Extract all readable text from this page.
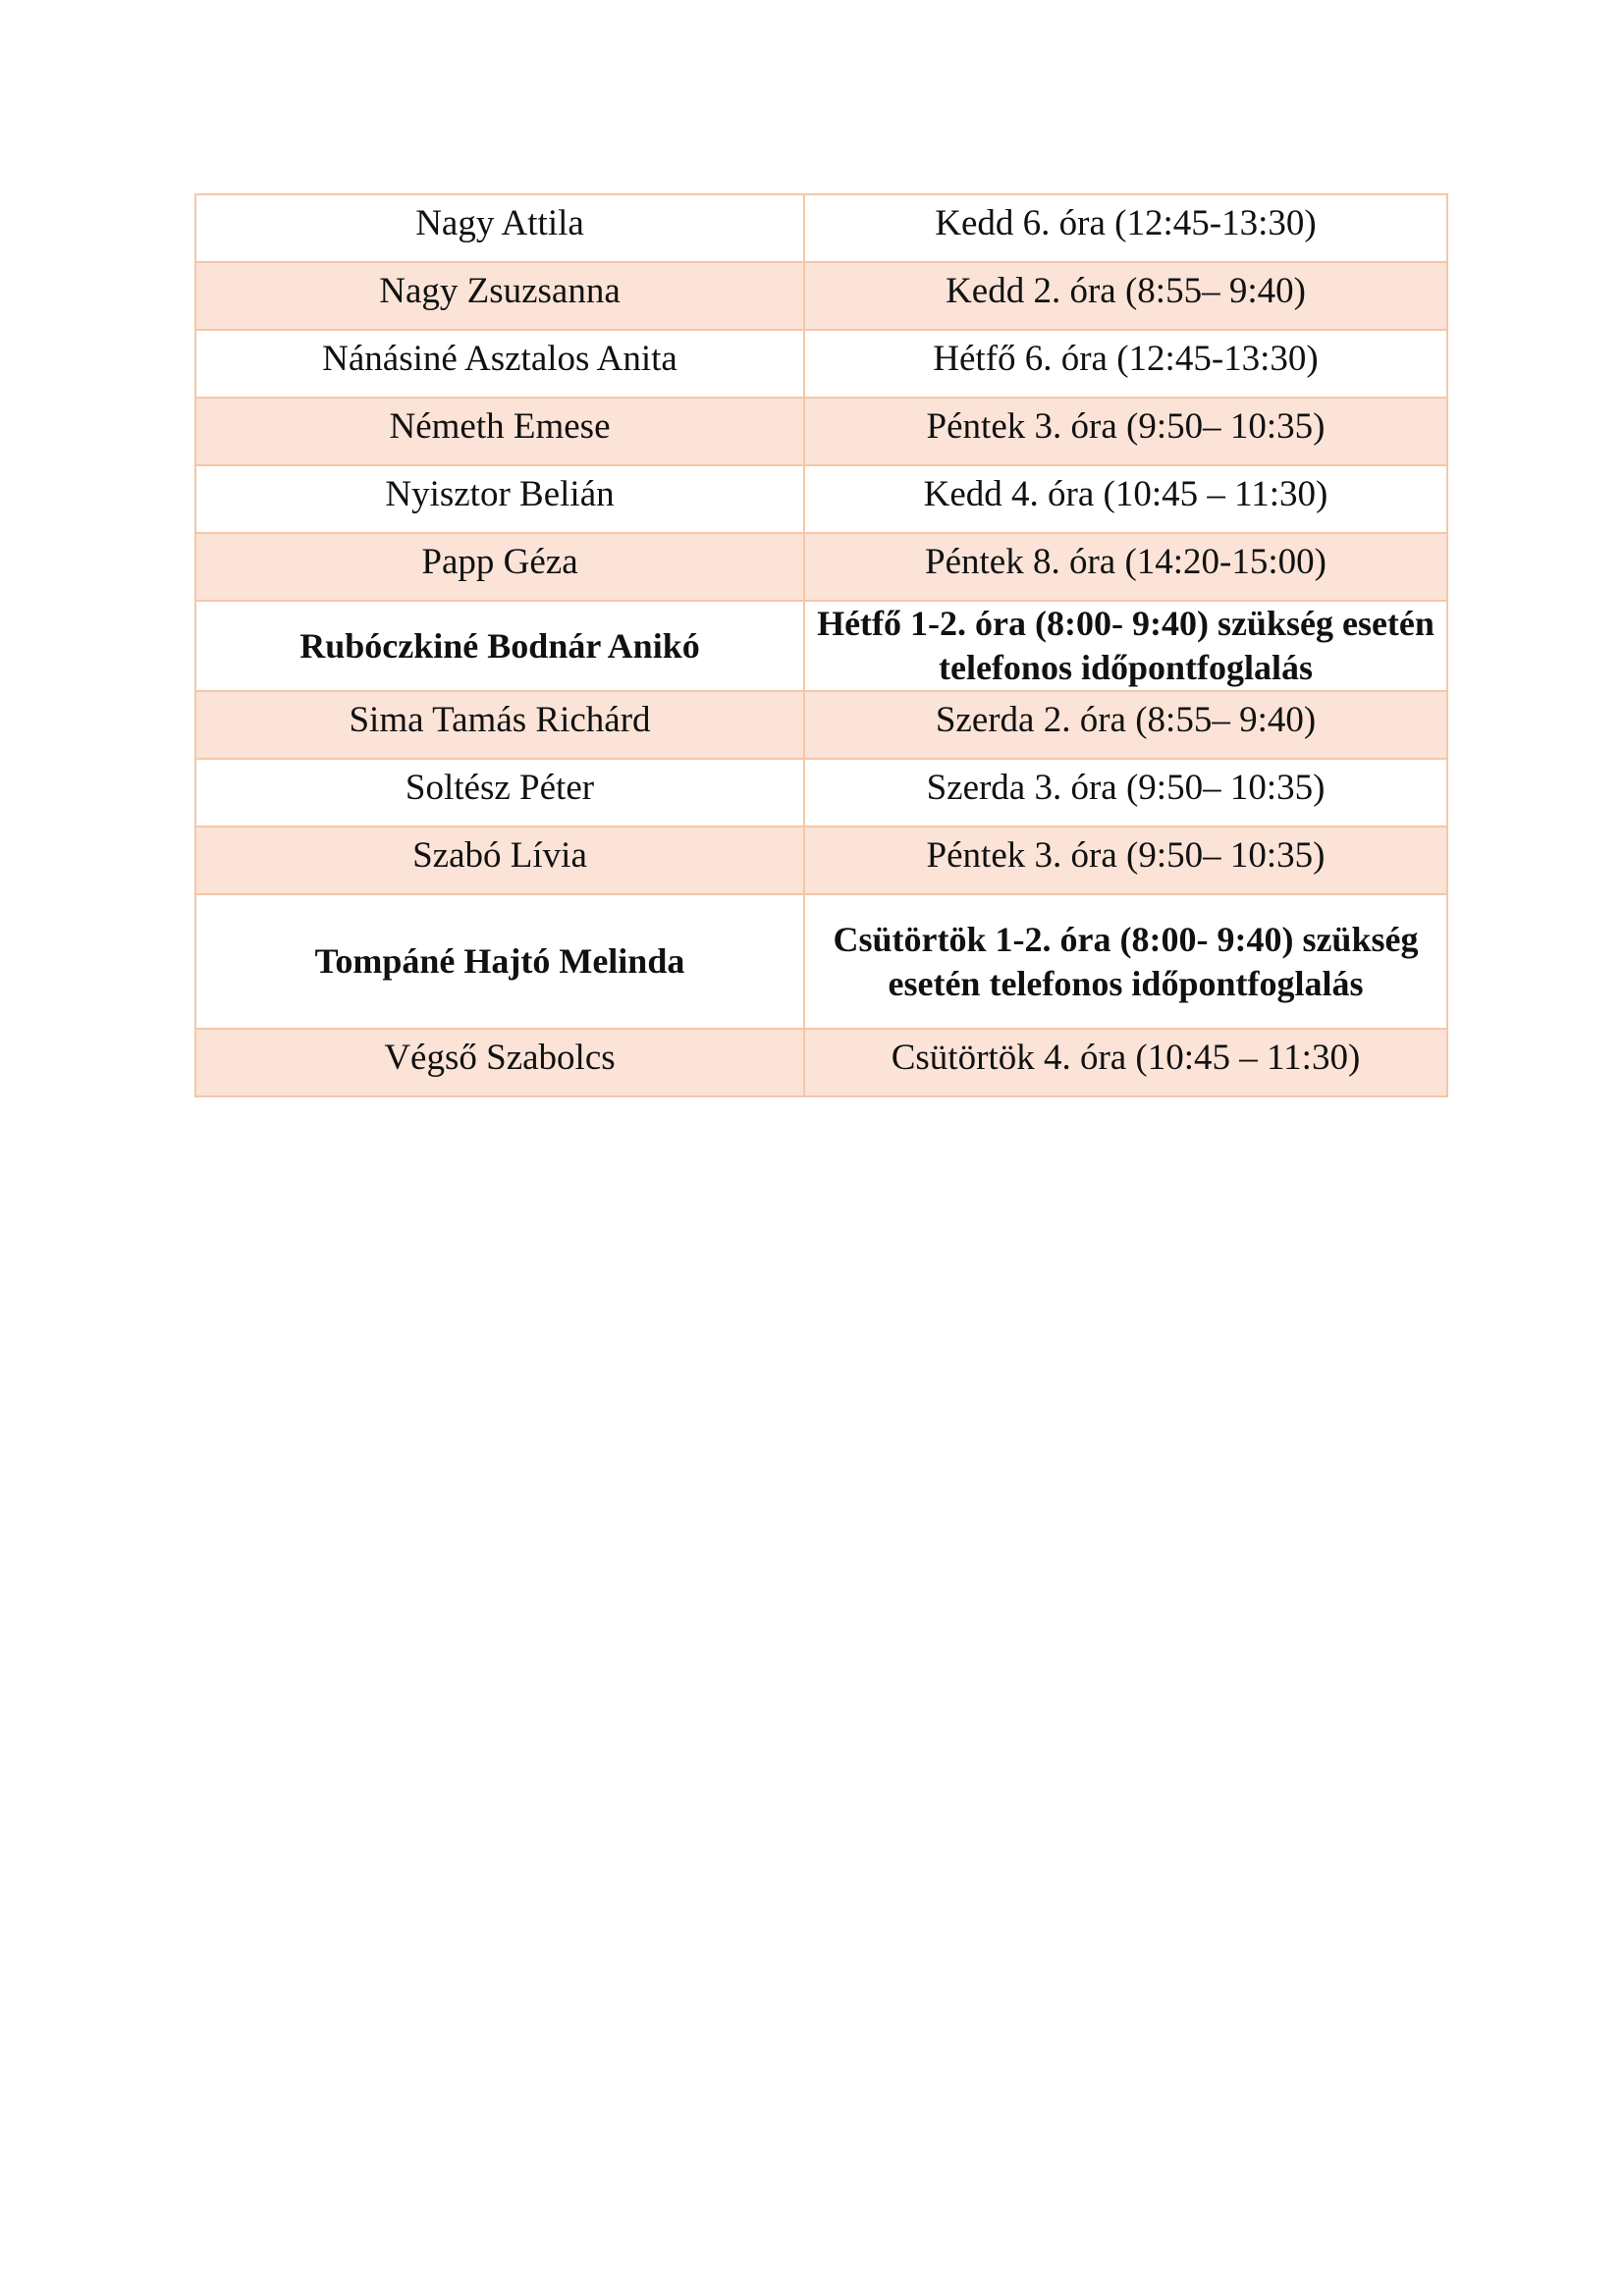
Nagy Attila	Kedd 6. óra (12:45-13:30)
Nagy Zsuzsanna	Kedd 2. óra (8:55– 9:40)
Nánásiné Asztalos Anita	Hétfő 6. óra (12:45-13:30)
Németh Emese	Péntek 3. óra (9:50– 10:35)
Nyisztor Belián	Kedd 4. óra (10:45 – 11:30)
Papp Géza	Péntek 8. óra (14:20-15:00)
Rubóczkiné Bodnár Anikó	Hétfő 1-2. óra (8:00- 9:40) szükség esetén telefonos időpontfoglalás
Sima Tamás Richárd	Szerda 2. óra (8:55– 9:40)
Soltész Péter	Szerda 3. óra (9:50– 10:35)
Szabó Lívia	Péntek 3. óra (9:50– 10:35)
Tompáné Hajtó Melinda	Csütörtök 1-2. óra (8:00- 9:40) szükség esetén telefonos időpontfoglalás
Végső Szabolcs	Csütörtök 4. óra (10:45 – 11:30)
